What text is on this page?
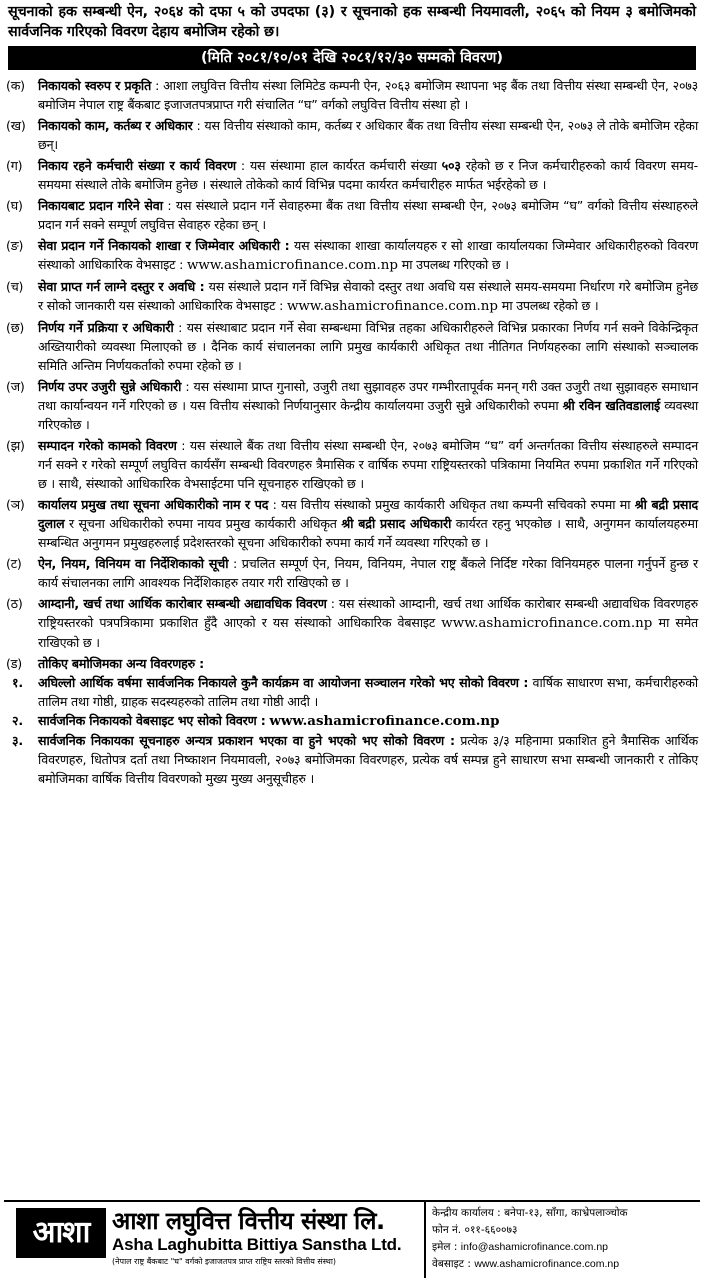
सूचनाको हक सम्बन्धी ऐन, २०६४ को दफा ५ को उपदफा (३) र सूचनाको हक सम्बन्धी नियमावली, २०६५ को नियम ३ बमोजिमको सार्वजनिक गरिएको विवरण देहाय बमोजिम रहेको छ।

(मिति २०८१/१०/०१ देखि २०८१/१२/३० सम्मको विवरण)
(क)	निकायको स्वरुप र प्रकृति : आशा लघुवित्त वित्तीय संस्था लिमिटेड कम्पनी ऐन, २०६३ बमोजिम स्थापना भइ बैंक तथा वित्तीय संस्था सम्बन्धी ऐन, २०७३ बमोजिम नेपाल राष्ट्र बैंकबाट इजाजतपत्रप्राप्त गरी संचालित “घ” वर्गको लघुवित्त वित्तीय संस्था हो ।
(ख) निकायको काम, कर्तब्य र अधिकार : यस वित्तीय संस्थाको काम, कर्तब्य र अधिकार बैंक तथा वित्तीय संस्था सम्बन्धी ऐन, २०७३ ले तोके बमोजिम रहेका छन्।
(ग)	निकाय रहने कर्मचारी संख्या र कार्य विवरण : यस संस्थामा हाल कार्यरत कर्मचारी संख्या ५०३ रहेको छ र निज कर्मचारीहरुको कार्य विवरण समय-समयमा संस्थाले तोके बमोजिम हुनेछ । संस्थाले तोकेको कार्य विभिन्न पदमा कार्यरत कर्मचारीहरु मार्फत भईरहेको छ ।
(घ)	निकायबाट प्रदान गरिने सेवा : यस संस्थाले प्रदान गर्ने सेवाहरुमा बैंक तथा वित्तीय संस्था सम्बन्धी ऐन, २०७३ बमोजिम “घ” वर्गको वित्तीय संस्थाहरुले प्रदान गर्न सक्ने सम्पूर्ण लघुवित्त सेवाहरु रहेका छन् ।
(ङ)	सेवा प्रदान गर्ने निकायको शाखा र जिम्मेवार अधिकारी : यस संस्थाका शाखा कार्यालयहरु र सो शाखा कार्यालयका जिम्मेवार अधिकारीहरुको विवरण संस्थाको आधिकारिक वेभसाइट : www.ashamicrofinance.com.np मा उपलब्ध गरिएको छ ।
(च)	सेवा प्राप्त गर्न लाग्ने दस्तुर र अवधि : यस संस्थाले प्रदान गर्ने विभिन्न सेवाको दस्तुर तथा अवधि यस संस्थाले समय-समयमा निर्धारण गरे बमोजिम हुनेछ र सोको जानकारी यस संस्थाको आधिकारिक वेभसाइट : www.ashamicrofinance.com.np मा उपलब्ध रहेको छ ।
(छ)	निर्णय गर्ने प्रक्रिया र अधिकारी : यस संस्थाबाट प्रदान गर्ने सेवा सम्बन्धमा विभिन्न तहका अधिकारीहरुले विभिन्न प्रकारका निर्णय गर्न सक्ने विकेन्द्रिकृत अख्तियारीको व्यवस्था मिलाएको छ । दैनिक कार्य संचालनका लागि प्रमुख कार्यकारी अधिकृत तथा नीतिगत निर्णयहरुका लागि संस्थाको सञ्चालक समिति अन्तिम निर्णयकर्ताको रुपमा रहेको छ ।
(ज)	निर्णय उपर उजुरी सुन्ने अधिकारी : यस संस्थामा प्राप्त गुनासो, उजुरी तथा सुझावहरु उपर गम्भीरतापूर्वक मनन् गरी उक्त उजुरी तथा सुझावहरु समाधान तथा कार्यान्वयन गर्ने गरिएको छ । यस वित्तीय संस्थाको निर्णयानुसार केन्द्रीय कार्यालयमा उजुरी सुन्ने अधिकारीको रुपमा श्री रविन खतिवडालाई व्यवस्था गरिएकोछ ।
(झ)	सम्पादन गरेको कामको विवरण : यस संस्थाले बैंक तथा वित्तीय संस्था सम्बन्धी ऐन, २०७३ बमोजिम “घ” वर्ग अन्तर्गतका वित्तीय संस्थाहरुले सम्पादन गर्न सक्ने र गरेको सम्पूर्ण लघुवित्त कार्यसँग सम्बन्धी विवरणहरु त्रैमासिक र वार्षिक रुपमा राष्ट्रियस्तरको पत्रिकामा नियमित रुपमा प्रकाशित गर्ने गरिएको छ । साथै, संस्थाको आधिकारिक वेभसाईटमा पनि सूचनाहरु राखिएको छ ।
(ञ)	कार्यालय प्रमुख तथा सूचना अधिकारीको नाम र पद : यस वित्तीय संस्थाको प्रमुख कार्यकारी अधिकृत तथा कम्पनी सचिवको रुपमा मा श्री बद्री प्रसाद दुलाल र सूचना अधिकारीको रुपमा नायव प्रमुख कार्यकारी अधिकृत श्री बद्री प्रसाद अधिकारी कार्यरत रहनु भएकोछ । साथै, अनुगमन कार्यालयहरुमा सम्बन्धित अनुगमन प्रमुखहरुलाई प्रदेशस्तरको सूचना अधिकारीको रुपमा कार्य गर्ने व्यवस्था गरिएको छ ।
(ट)	ऐन, नियम, विनियम वा निर्देशिकाको सूची : प्रचलित सम्पूर्ण ऐन, नियम, विनियम, नेपाल राष्ट्र बैंकले निर्दिष्ट गरेका विनियमहरु पालना गर्नुपर्ने हुन्छ र कार्य संचालनका लागि आवश्यक निर्देशिकाहरु तयार गरी राखिएको छ ।
(ठ)	आम्दानी, खर्च तथा आर्थिक कारोबार सम्बन्धी अद्यावधिक विवरण : यस संस्थाको आम्दानी, खर्च तथा आर्थिक कारोबार सम्बन्धी अद्यावधिक विवरणहरु राष्ट्रियस्तरको पत्रपत्रिकामा प्रकाशित हुँदै आएको र यस संस्थाको आधिकारिक वेबसाइट www.ashamicrofinance.com.np मा समेत राखिएको छ ।
(ड)	तोकिए बमोजिमका अन्य विवरणहरु :
१.	अघिल्लो आर्थिक वर्षमा सार्वजनिक निकायले कुनै कार्यक्रम वा आयोजना सञ्चालन गरेको भए सोको विवरण : वार्षिक साधारण सभा, कर्मचारीहरुको तालिम तथा गोष्ठी, ग्राहक सदस्यहरुको तालिम तथा गोष्ठी आदी ।
२.	सार्वजनिक निकायको वेबसाइट भए सोको विवरण : www.ashamicrofinance.com.np
३.	सार्वजनिक निकायका सूचनाहरु अन्यत्र प्रकाशन भएका वा हुने भएको भए सोको विवरण : प्रत्येक ३/३ महिनामा प्रकाशित हुने त्रैमासिक आर्थिक विवरणहरु, धितोपत्र दर्ता तथा निष्काशन नियमावली, २०७३ बमोजिमका विवरणहरु, प्रत्येक वर्ष सम्पन्न हुने साधारण सभा सम्बन्धी जानकारी र तोकिए बमोजिमका वार्षिक वित्तीय विवरणको मुख्य मुख्य अनुसूचीहरु ।
आशा आशा लघुवित्त वित्तीय संस्था लि.
Asha Laghubitta Bittiya Sanstha Ltd.
(नेपाल राष्ट्र बैंकबाट "घ" वर्गको इजाजतपत्र प्राप्त राष्ट्रिय स्तरको वित्तीय संस्था)
केन्द्रीय कार्यालय : बनेपा-१३, साँगा, काभ्रेपलाञ्चोक
फोन नं. ०११-६६००७३
इमेल : info@ashamicrofinance.com.np
वेबसाइट : www.ashamicrofinance.com.np
